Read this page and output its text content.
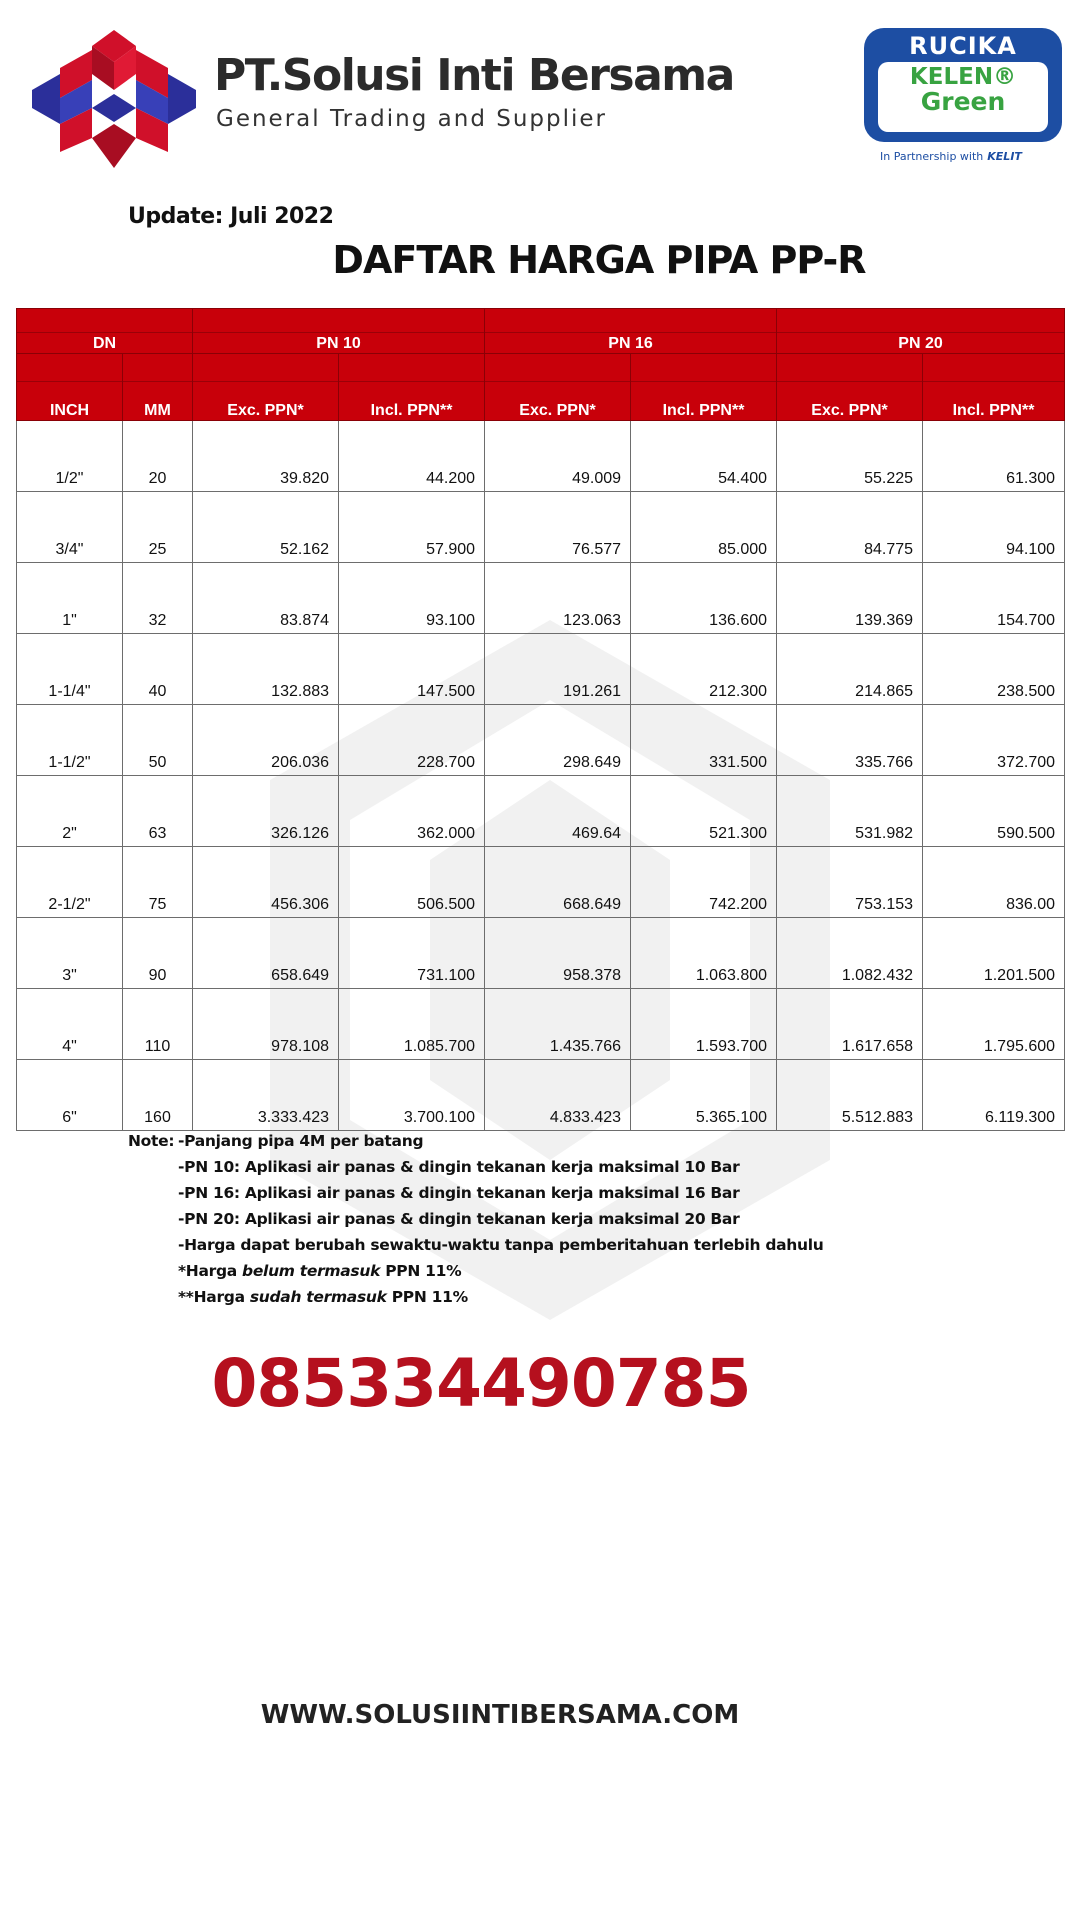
PT.Solusi Inti Bersama
General Trading and Supplier
RUCIKA
KELEN®
Green
In Partnership with KELIT
Update: Juli 2022
DAFTAR HARGA PIPA PP-R
DN		PN 10		PN 16		PN 20	

INCH	MM	Exc. PPN*	Incl. PPN**	Exc. PPN*	Incl. PPN**	Exc. PPN*	Incl. PPN**

1/2"	20	39.820	44.200	49.009	54.400	55.225	61.300
3/4"	25	52.162	57.900	76.577	85.000	84.775	94.100
1"	32	83.874	93.100	123.063	136.600	139.369	154.700
1-1/4"	40	132.883	147.500	191.261	212.300	214.865	238.500
1-1/2"	50	206.036	228.700	298.649	331.500	335.766	372.700
2"	63	326.126	362.000	469.64	521.300	531.982	590.500
2-1/2"	75	456.306	506.500	668.649	742.200	753.153	836.00
3"	90	658.649	731.100	958.378	1.063.800	1.082.432	1.201.500
4"	110	978.108	1.085.700	1.435.766	1.593.700	1.617.658	1.795.600
6"	160	3.333.423	3.700.100	4.833.423	5.365.100	5.512.883	6.119.300
Note: -Panjang pipa 4M per batang
-PN 10: Aplikasi air panas & dingin tekanan kerja maksimal 10 Bar
-PN 16: Aplikasi air panas & dingin tekanan kerja maksimal 16 Bar
-PN 20: Aplikasi air panas & dingin tekanan kerja maksimal 20 Bar
-Harga dapat berubah sewaktu-waktu tanpa pemberitahuan terlebih dahulu
*Harga belum termasuk PPN 11%
**Harga sudah termasuk PPN 11%
085334490785
WWW.SOLUSIINTIBERSAMA.COM
